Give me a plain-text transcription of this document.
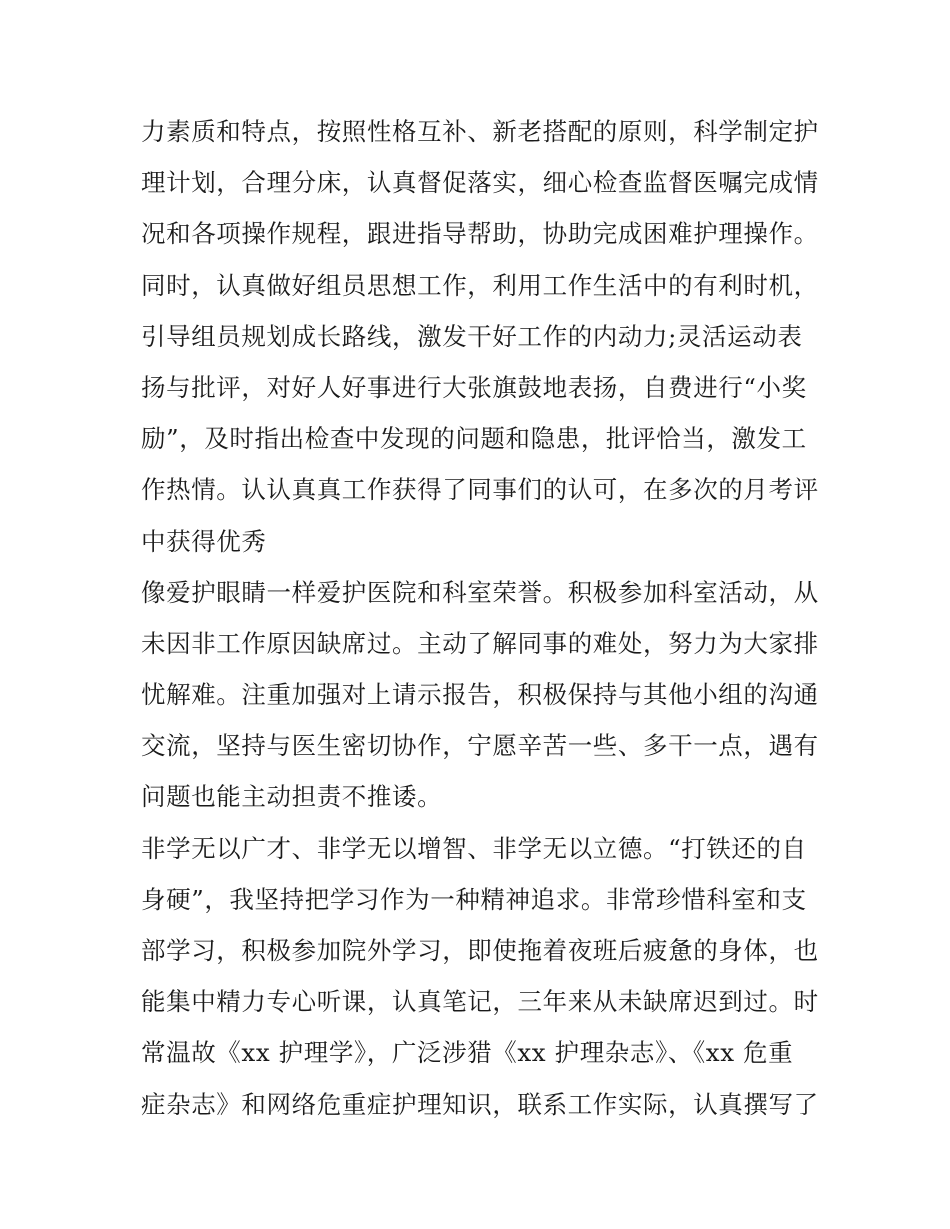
力素质和特点，按照性格互补、新老搭配的原则，科学制定护
理计划，合理分床，认真督促落实，细心检查监督医嘱完成情
况和各项操作规程，跟进指导帮助，协助完成困难护理操作。
同时，认真做好组员思想工作，利用工作生活中的有利时机，
引导组员规划成长路线，激发干好工作的内动力;灵活运动表
扬与批评，对好人好事进行大张旗鼓地表扬，自费进行“小奖
励”，及时指出检查中发现的问题和隐患，批评恰当，激发工
作热情。认认真真工作获得了同事们的认可，在多次的月考评
中获得优秀
像爱护眼睛一样爱护医院和科室荣誉。积极参加科室活动，从
未因非工作原因缺席过。主动了解同事的难处，努力为大家排
忧解难。注重加强对上请示报告，积极保持与其他小组的沟通
交流，坚持与医生密切协作，宁愿辛苦一些、多干一点，遇有
问题也能主动担责不推诿。
非学无以广才、非学无以增智、非学无以立德。“打铁还的自
身硬”，我坚持把学习作为一种精神追求。非常珍惜科室和支
部学习，积极参加院外学习，即使拖着夜班后疲惫的身体，也
能集中精力专心听课，认真笔记，三年来从未缺席迟到过。时
常温故《xx 护理学》，广泛涉猎《xx 护理杂志》、《xx 危重
症杂志》和网络危重症护理知识，联系工作实际，认真撰写了
